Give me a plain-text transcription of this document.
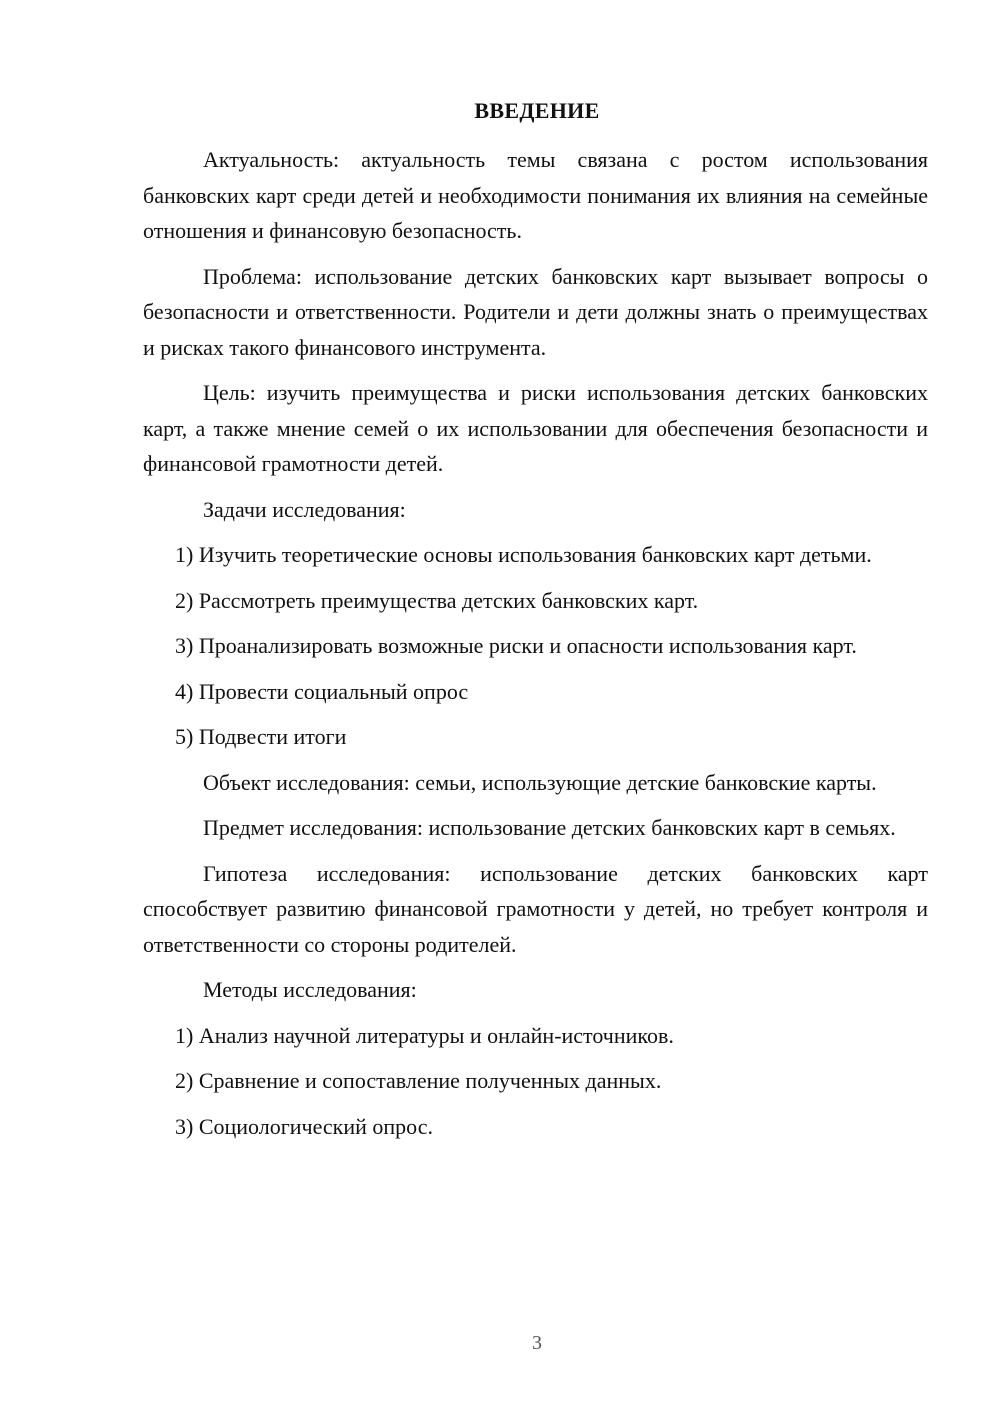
ВВЕДЕНИЕ

Актуальность: актуальность темы связана с ростом использования банковских карт среди детей и необходимости понимания их влияния на семейные отношения и финансовую безопасность.

Проблема: использование детских банковских карт вызывает вопросы о безопасности и ответственности. Родители и дети должны знать о преимуществах и рисках такого финансового инструмента.

Цель: изучить преимущества и риски использования детских банковских карт, а также мнение семей о их использовании для обеспечения безопасности и финансовой грамотности детей.

Задачи исследования:

1) Изучить теоретические основы использования банковских карт детьми.

2) Рассмотреть преимущества детских банковских карт.

3) Проанализировать возможные риски и опасности использования карт.

4) Провести социальный опрос

5) Подвести итоги

Объект исследования: семьи, использующие детские банковские карты.

Предмет исследования: использование детских банковских карт в семьях.

Гипотеза исследования: использование детских банковских карт способствует развитию финансовой грамотности у детей, но требует контроля и ответственности со стороны родителей.

Методы исследования:

1) Анализ научной литературы и онлайн-источников.

2) Сравнение и сопоставление полученных данных.

3) Социологический опрос.

3
